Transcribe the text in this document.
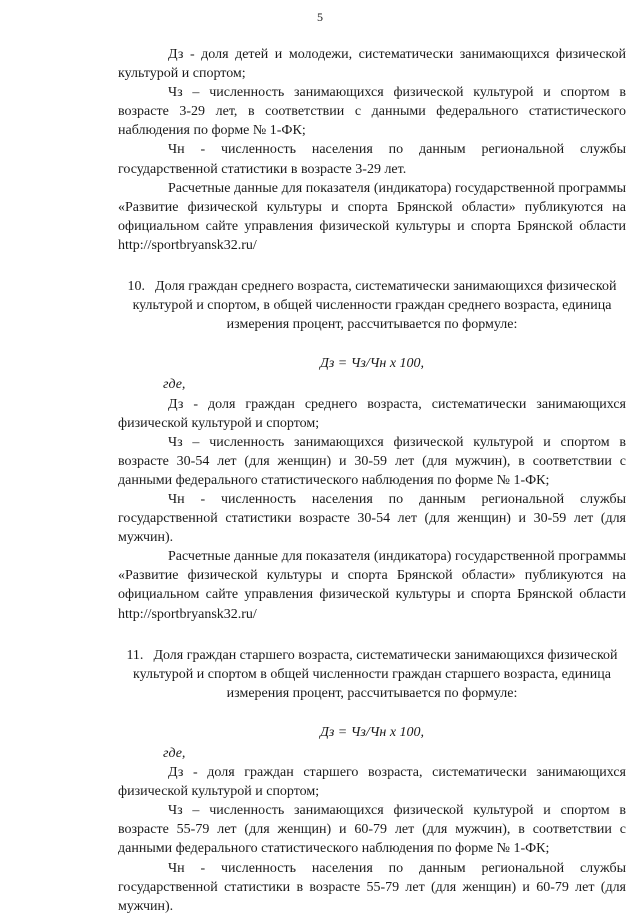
5

Дз - доля детей и молодежи, систематически занимающихся физической культурой и спортом;

Чз – численность занимающихся физической культурой и спортом в возрасте 3-29 лет, в соответствии с данными федерального статистического наблюдения по форме № 1-ФК;

Чн - численность населения по данным региональной службы государственной статистики в возрасте 3-29 лет.

Расчетные данные для показателя (индикатора) государственной программы «Развитие физической культуры и спорта Брянской области» публикуются на официальном сайте управления физической культуры и спорта Брянской области http://sportbryansk32.ru/

10. Доля граждан среднего возраста, систематически занимающихся физической культурой и спортом, в общей численности граждан среднего возраста, единица измерения процент, рассчитывается по формуле:

Дз = Чз/Чн х 100,

где,

Дз - доля граждан среднего возраста, систематически занимающихся физической культурой и спортом;

Чз – численность занимающихся физической культурой и спортом в возрасте 30-54 лет (для женщин) и 30-59 лет (для мужчин), в соответствии с данными федерального статистического наблюдения по форме № 1-ФК;

Чн - численность населения по данным региональной службы государственной статистики возрасте 30-54 лет (для женщин) и 30-59 лет (для мужчин).

Расчетные данные для показателя (индикатора) государственной программы «Развитие физической культуры и спорта Брянской области» публикуются на официальном сайте управления физической культуры и спорта Брянской области http://sportbryansk32.ru/

11. Доля граждан старшего возраста, систематически занимающихся физической культурой и спортом в общей численности граждан старшего возраста, единица измерения процент, рассчитывается по формуле:

Дз = Чз/Чн х 100,

где,

Дз - доля граждан старшего возраста, систематически занимающихся физической культурой и спортом;

Чз – численность занимающихся физической культурой и спортом в возрасте 55-79 лет (для женщин) и 60-79 лет (для мужчин), в соответствии с данными федерального статистического наблюдения по форме № 1-ФК;

Чн - численность населения по данным региональной службы государственной статистики в возрасте 55-79 лет (для женщин) и 60-79 лет (для мужчин).
